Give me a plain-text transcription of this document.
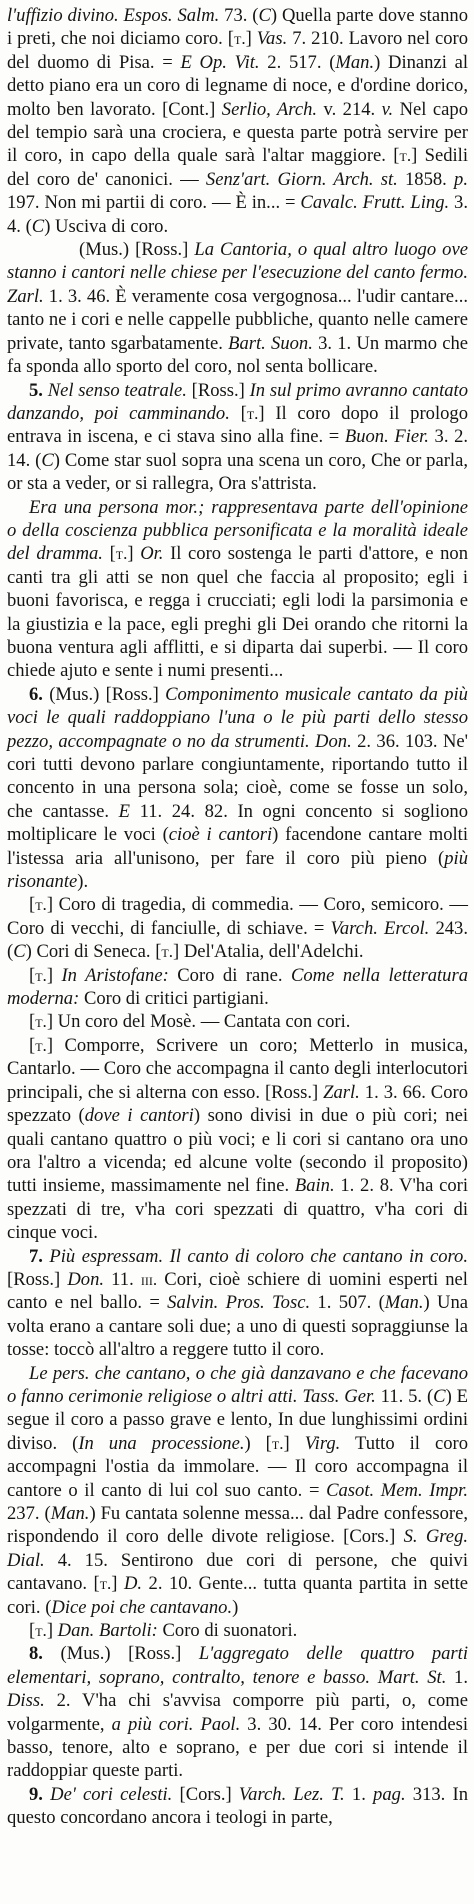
l'uffizio divino. Espos. Salm. 73. (C) Quella parte dove stanno i preti, che noi diciamo coro. [t.] Vas. 7. 210. Lavoro nel coro del duomo di Pisa. = E Op. Vit. 2. 517. (Man.) Dinanzi al detto piano era un coro di legname di noce, e d'ordine dorico, molto ben lavorato. [Cont.] Serlio, Arch. v. 214. v. Nel capo del tempio sarà una crociera, e questa parte potrà servire per il coro, in capo della quale sarà l'altar maggiore. [t.] Sedili del coro de' canonici. — Senz'art. Giorn. Arch. st. 1858. p. 197. Non mi partii di coro. — È in... = Cavalc. Frutt. Ling. 3. 4. (C) Usciva di coro.

(Mus.) [Ross.] La Cantoria, o qual altro luogo ove stanno i cantori nelle chiese per l'esecuzione del canto fermo. Zarl. 1. 3. 46. È veramente cosa vergognosa... l'udir cantare... tanto ne i cori e nelle cappelle pubbliche, quanto nelle camere private, tanto sgarbatamente. Bart. Suon. 3. 1. Un marmo che fa sponda allo sporto del coro, nol senta bollicare.

5. Nel senso teatrale. [Ross.] In sul primo avranno cantato danzando, poi camminando. [t.] Il coro dopo il prologo entrava in iscena, e ci stava sino alla fine. = Buon. Fier. 3. 2. 14. (C) Come star suol sopra una scena un coro, Che or parla, or sta a veder, or si rallegra, Ora s'attrista.

Era una persona mor.; rappresentava parte dell'opinione o della coscienza pubblica personificata e la moralità ideale del dramma. [t.] Or. Il coro sostenga le parti d'attore, e non canti tra gli atti se non quel che faccia al proposito; egli i buoni favorisca, e regga i crucciati; egli lodi la parsimonia e la giustizia e la pace, egli preghi gli Dei orando che ritorni la buona ventura agli afflitti, e si diparta dai superbi. — Il coro chiede ajuto e sente i numi presenti...

6. (Mus.) [Ross.] Componimento musicale cantato da più voci le quali raddoppiano l'una o le più parti dello stesso pezzo, accompagnate o no da strumenti. Don. 2. 36. 103. Ne' cori tutti devono parlare congiuntamente, riportando tutto il concento in una persona sola; cioè, come se fosse un solo, che cantasse. E 11. 24. 82. In ogni concento si sogliono moltiplicare le voci (cioè i cantori) facendone cantare molti l'istessa aria all'unisono, per fare il coro più pieno (più risonante).

[t.] Coro di tragedia, di commedia. — Coro, semicoro. — Coro di vecchi, di fanciulle, di schiave. = Varch. Ercol. 243. (C) Cori di Seneca. [t.] Del'Atalia, dell'Adelchi.

[t.] In Aristofane: Coro di rane. Come nella letteratura moderna: Coro di critici partigiani.

[t.] Un coro del Mosè. — Cantata con cori.

[t.] Comporre, Scrivere un coro; Metterlo in musica, Cantarlo. — Coro che accompagna il canto degli interlocutori principali, che si alterna con esso. [Ross.] Zarl. 1. 3. 66. Coro spezzato (dove i cantori) sono divisi in due o più cori; nei quali cantano quattro o più voci; e li cori si cantano ora uno ora l'altro a vicenda; ed alcune volte (secondo il proposito) tutti insieme, massimamente nel fine. Bain. 1. 2. 8. V'ha cori spezzati di tre, v'ha cori spezzati di quattro, v'ha cori di cinque voci.

7. Più espressam. Il canto di coloro che cantano in coro. [Ross.] Don. 11. iii. Cori, cioè schiere di uomini esperti nel canto e nel ballo. = Salvin. Pros. Tosc. 1. 507. (Man.) Una volta erano a cantare soli due; a uno di questi sopraggiunse la tosse: toccò all'altro a reggere tutto il coro.

Le pers. che cantano, o che già danzavano e che facevano o fanno cerimonie religiose o altri atti. Tass. Ger. 11. 5. (C) E segue il coro a passo grave e lento, In due lunghissimi ordini diviso. (In una processione.) [t.] Virg. Tutto il coro accompagni l'ostia da immolare. — Il coro accompagna il cantore o il canto di lui col suo canto. = Casot. Mem. Impr. 237. (Man.) Fu cantata solenne messa... dal Padre confessore, rispondendo il coro delle divote religiose. [Cors.] S. Greg. Dial. 4. 15. Sentirono due cori di persone, che quivi cantavano. [t.] D. 2. 10. Gente... tutta quanta partita in sette cori. (Dice poi che cantavano.)

[t.] Dan. Bartoli: Coro di suonatori.

8. (Mus.) [Ross.] L'aggregato delle quattro parti elementari, soprano, contralto, tenore e basso. Mart. St. 1. Diss. 2. V'ha chi s'avvisa comporre più parti, o, come volgarmente, a più cori. Paol. 3. 30. 14. Per coro intendesi basso, tenore, alto e soprano, e per due cori si intende il raddoppiar queste parti.

9. De' cori celesti. [Cors.] Varch. Lez. T. 1. pag. 313. In questo concordano ancora i teologi in parte,
